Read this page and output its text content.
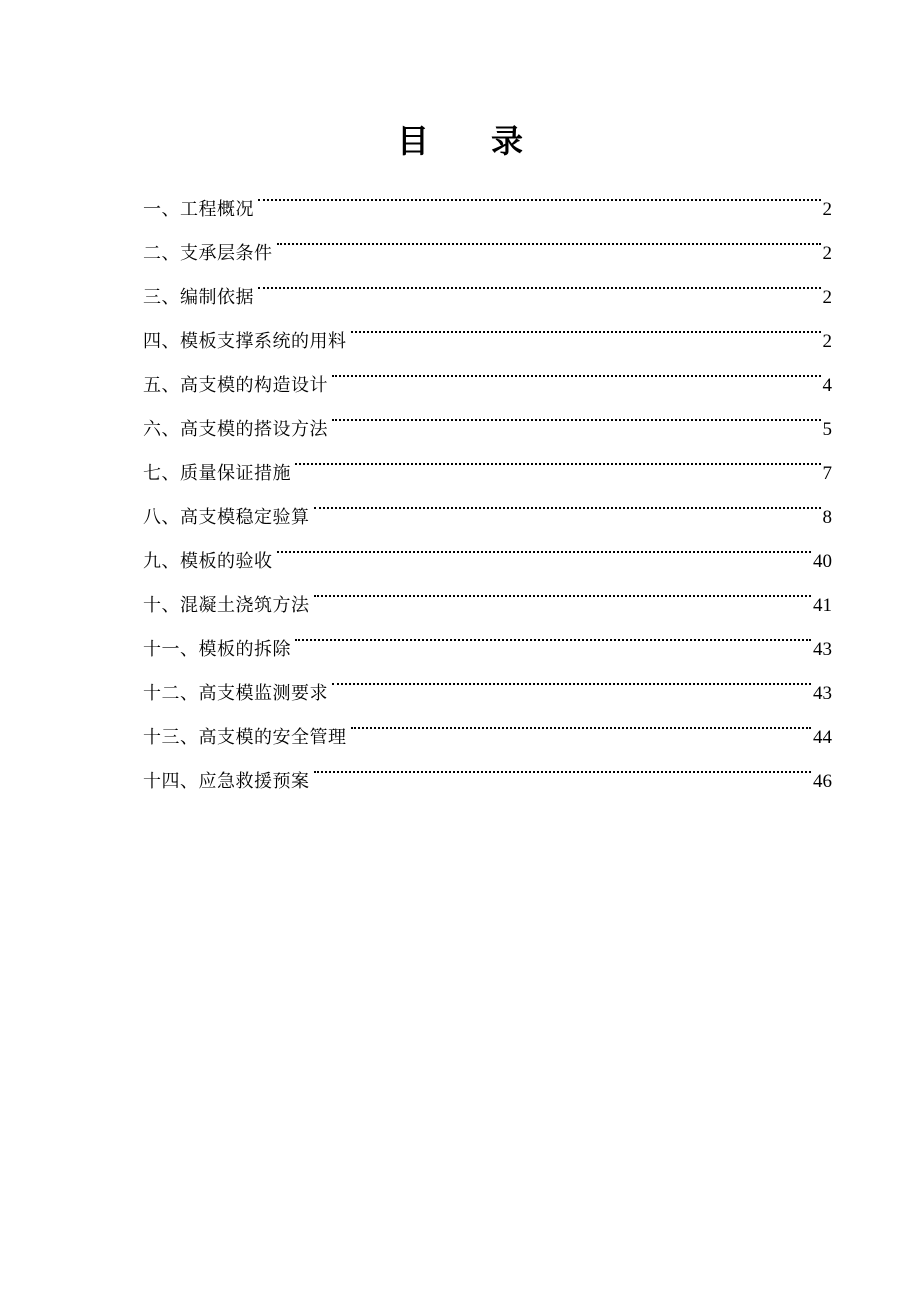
目 录
一、工程概况	2
二、支承层条件	2
三、编制依据	2
四、模板支撑系统的用料	2
五、高支模的构造设计	4
六、高支模的搭设方法	5
七、质量保证措施	7
八、高支模稳定验算	8
九、模板的验收	40
十、混凝土浇筑方法	41
十一、模板的拆除	43
十二、高支模监测要求	43
十三、高支模的安全管理	44
十四、应急救援预案	46
